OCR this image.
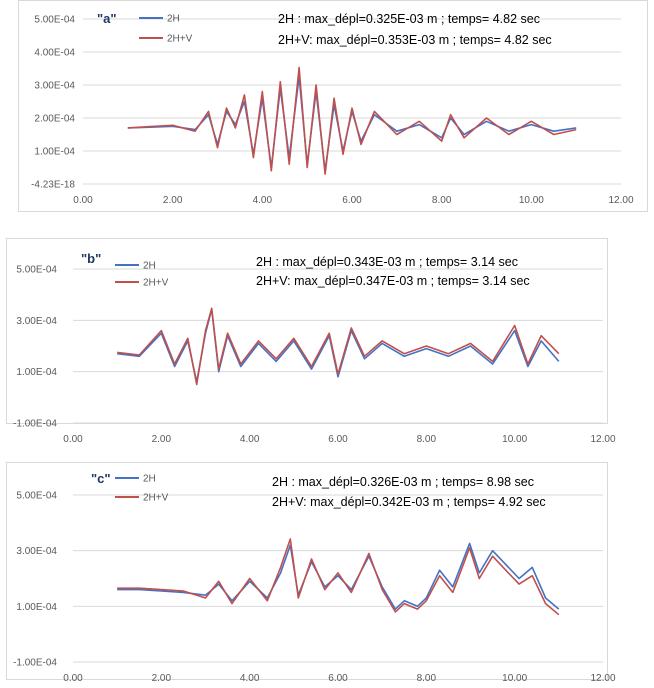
-4.23E-18
1.00E-04
2.00E-04
3.00E-04
4.00E-04
5.00E-04
0.00	2.00	4.00	6.00	8.00	10.00	12.00
2H
2H+V
"a"	2H : max_dépl=0.325E-03 m ; temps= 4.82 sec
2H+V: max_dépl=0.353E-03 m ; temps= 4.82 sec
-1.00E-04
1.00E-04
3.00E-04
5.00E-04
0.00	2.00	4.00	6.00	8.00	10.00	12.00
2H
2H+V
"b"	2H : max_dépl=0.343E-03 m ; temps= 3.14 sec
2H+V: max_dépl=0.347E-03 m ; temps= 3.14 sec
-1.00E-04
1.00E-04
3.00E-04
5.00E-04
0.00	2.00	4.00	6.00	8.00	10.00	12.00
2H
2H+V
"c"	2H : max_dépl=0.326E-03 m ; temps= 8.98 sec
2H+V: max_dépl=0.342E-03 m ; temps= 4.92 sec
